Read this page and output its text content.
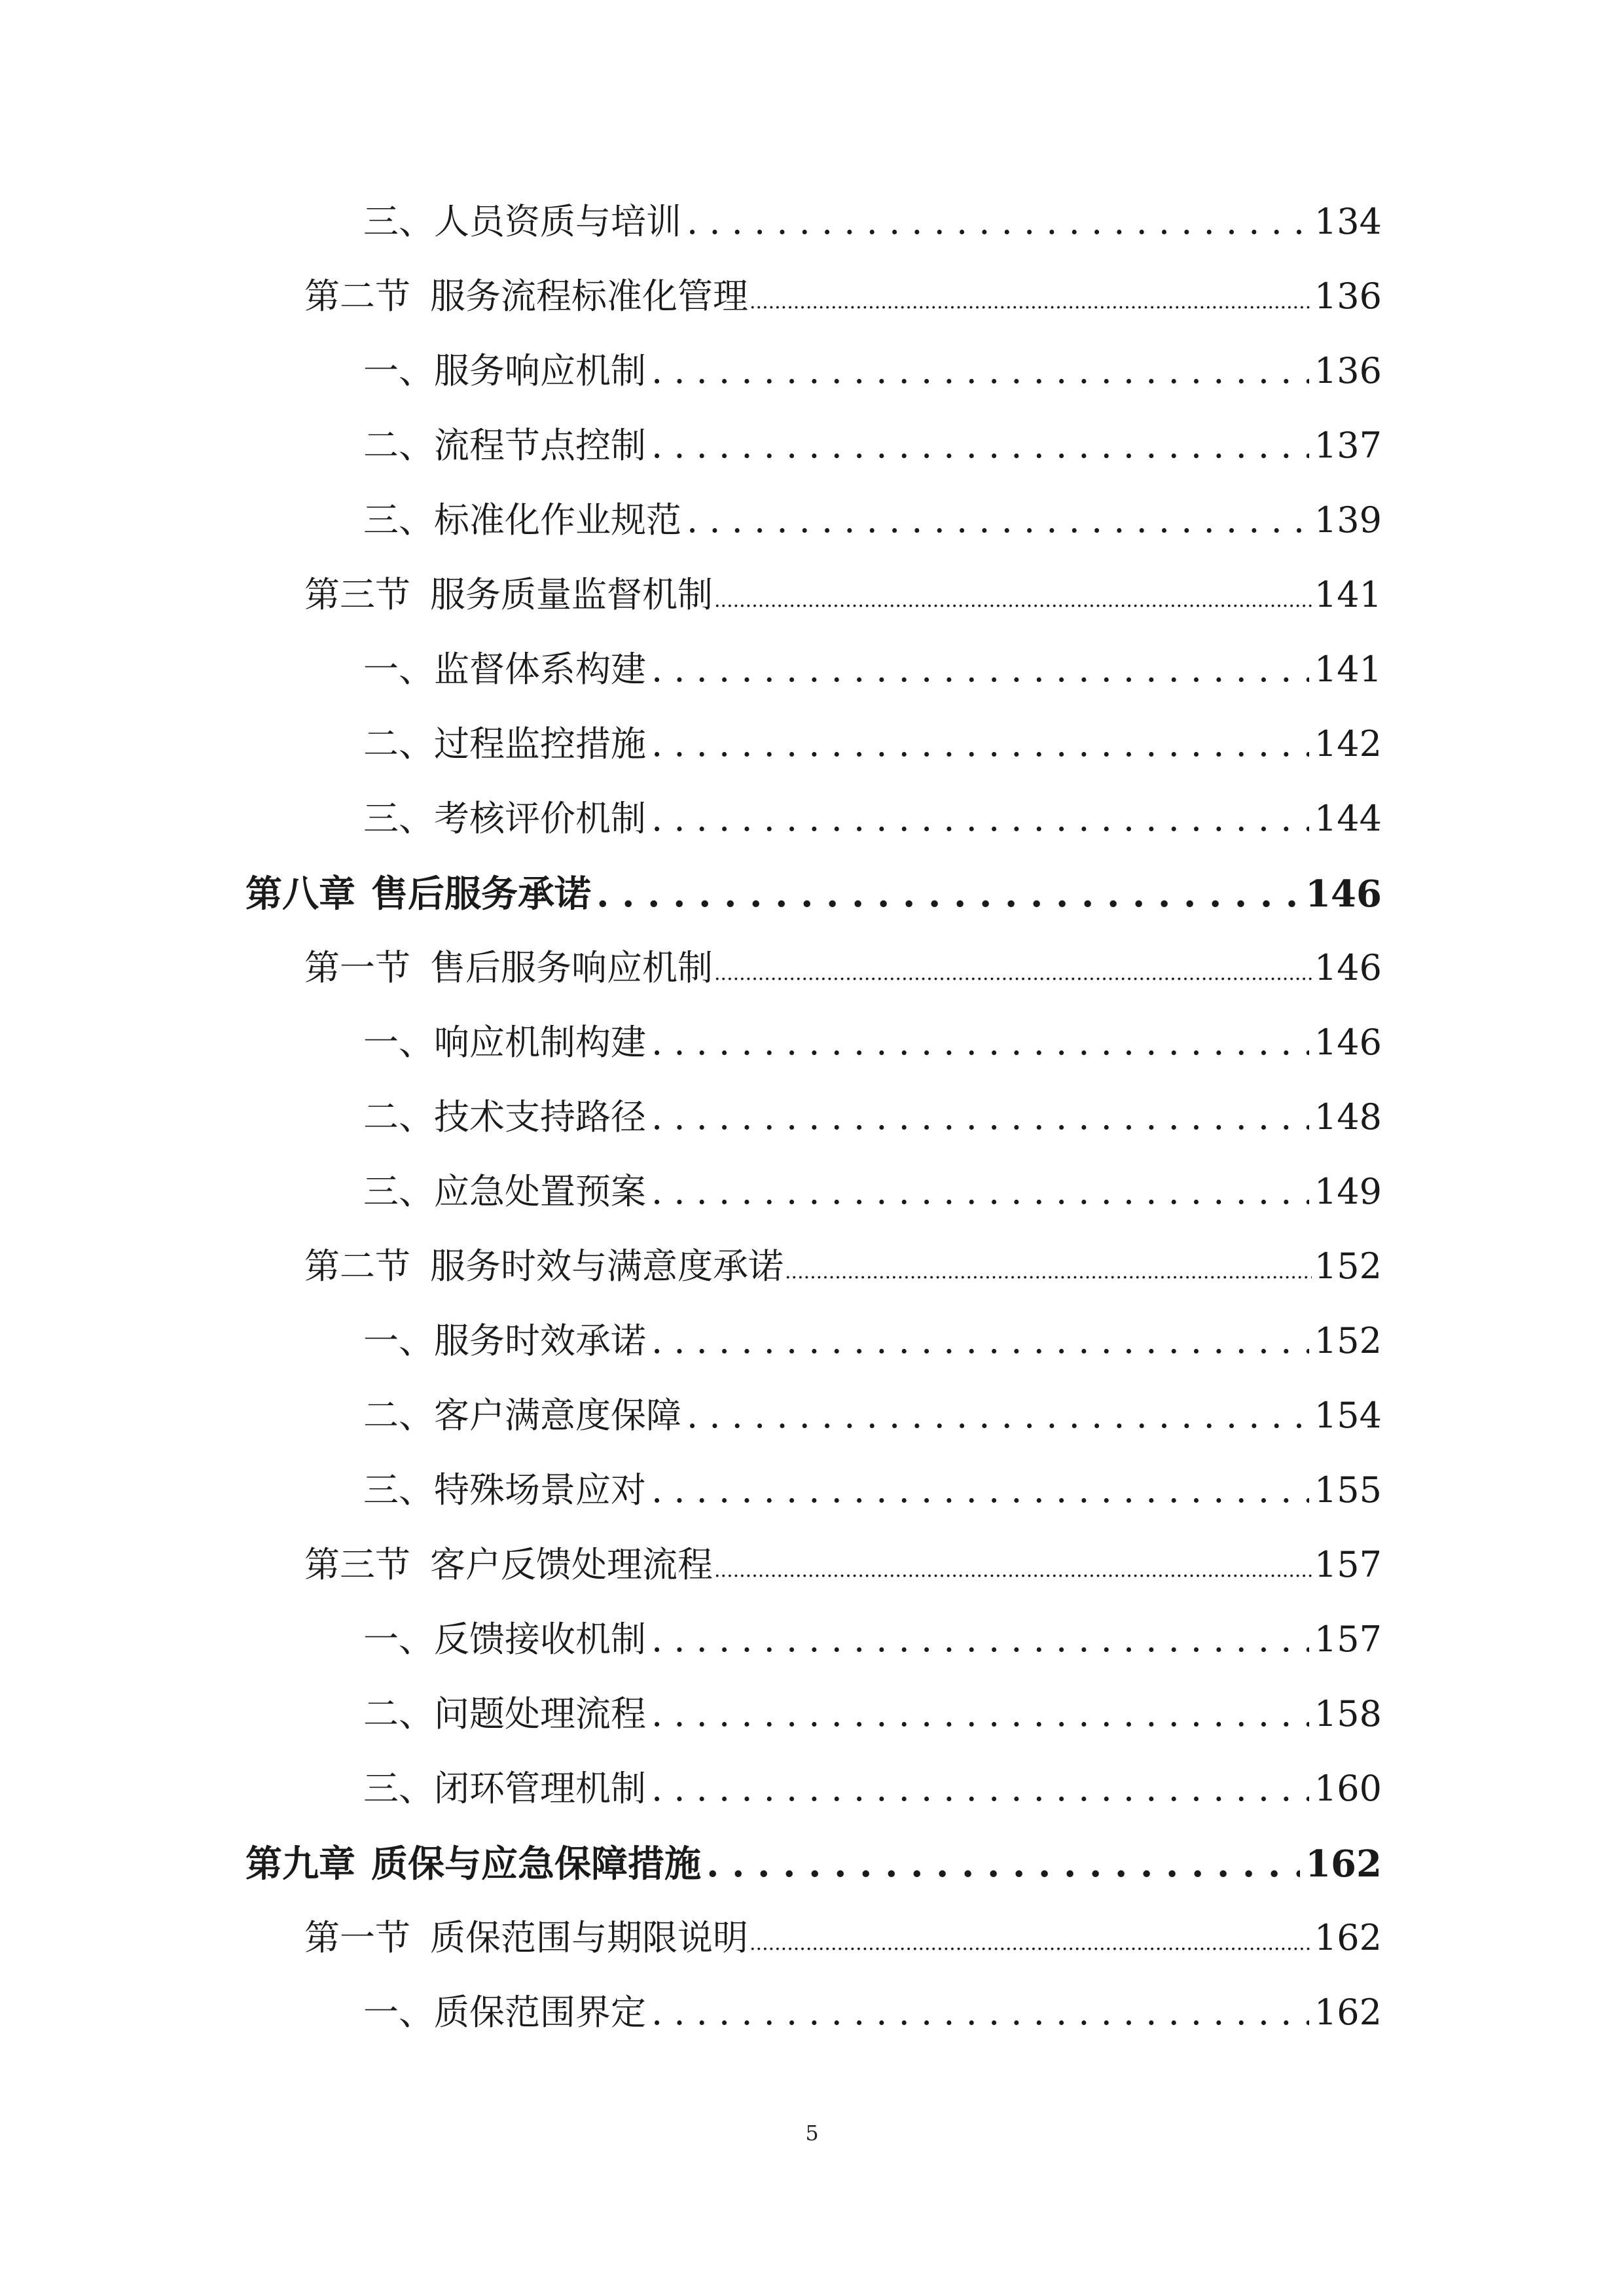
三、 人员资质与培训 . . .	134
第二节 服务流程标准化管理 .....	136
一、 服务响应机制 . . .	136
二、 流程节点控制 . . .	137
三、 标准化作业规范 . . .	139
第三节 服务质量监督机制 .....	141
一、 监督体系构建 . . .	141
二、 过程监控措施 . . .	142
三、 考核评价机制 . . .	144
第八章 售后服务承诺 . . .	146
第一节 售后服务响应机制 .....	146
一、 响应机制构建 . . .	146
二、 技术支持路径 . . .	148
三、 应急处置预案 . . .	149
第二节 服务时效与满意度承诺 .....	152
一、 服务时效承诺 . . .	152
二、 客户满意度保障 . . .	154
三、 特殊场景应对 . . .	155
第三节 客户反馈处理流程 .....	157
一、 反馈接收机制 . . .	157
二、 问题处理流程 . . .	158
三、 闭环管理机制 . . .	160
第九章 质保与应急保障措施 . . .	162
第一节 质保范围与期限说明 .....	162
一、 质保范围界定 . . .	162
5
